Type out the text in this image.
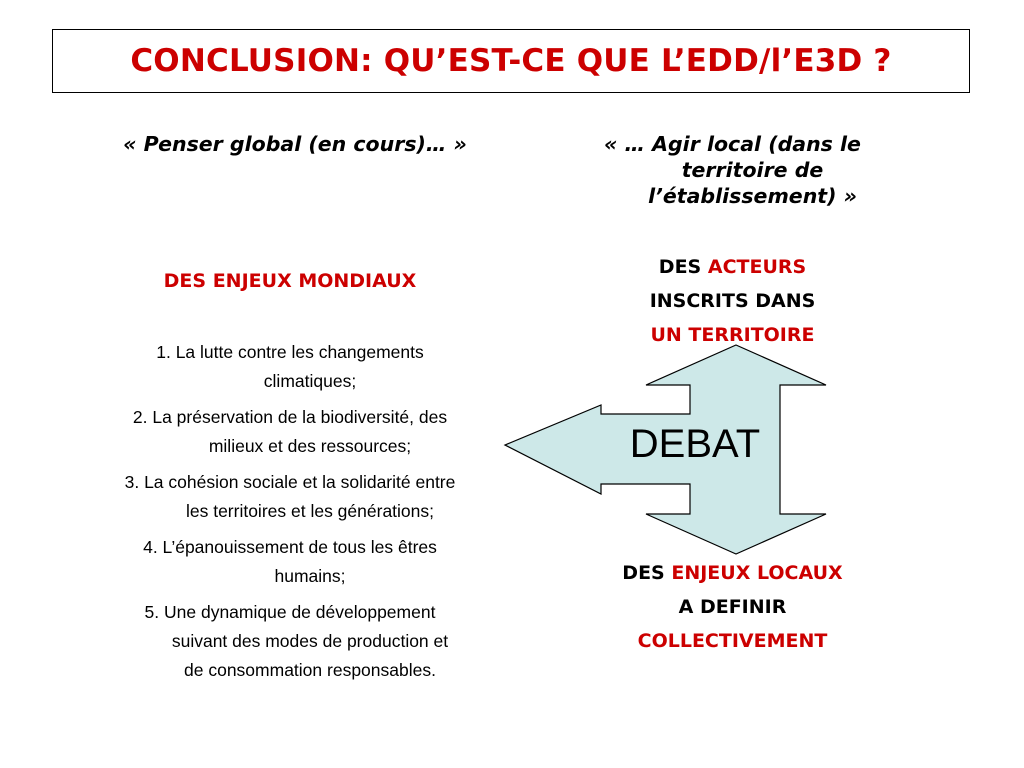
CONCLUSION: QU’EST-CE QUE L’EDD/l’E3D ?
« Penser global (en cours)… »	« … Agir local (dans le
territoire de
l’établissement) »
DES ENJEUX MONDIAUX
1. La lutte contre les changements
climatiques;
2. La préservation de la biodiversité, des
milieux et des ressources;
3. La cohésion sociale et la solidarité entre
les territoires et les générations;
4. L’épanouissement de tous les êtres
humains;
5. Une dynamique de développement
suivant des modes de production et
de consommation responsables.
DES ACTEURS
INSCRITS DANS
UN TERRITOIRE
DEBAT
DES ENJEUX LOCAUX
A DEFINIR
COLLECTIVEMENT
